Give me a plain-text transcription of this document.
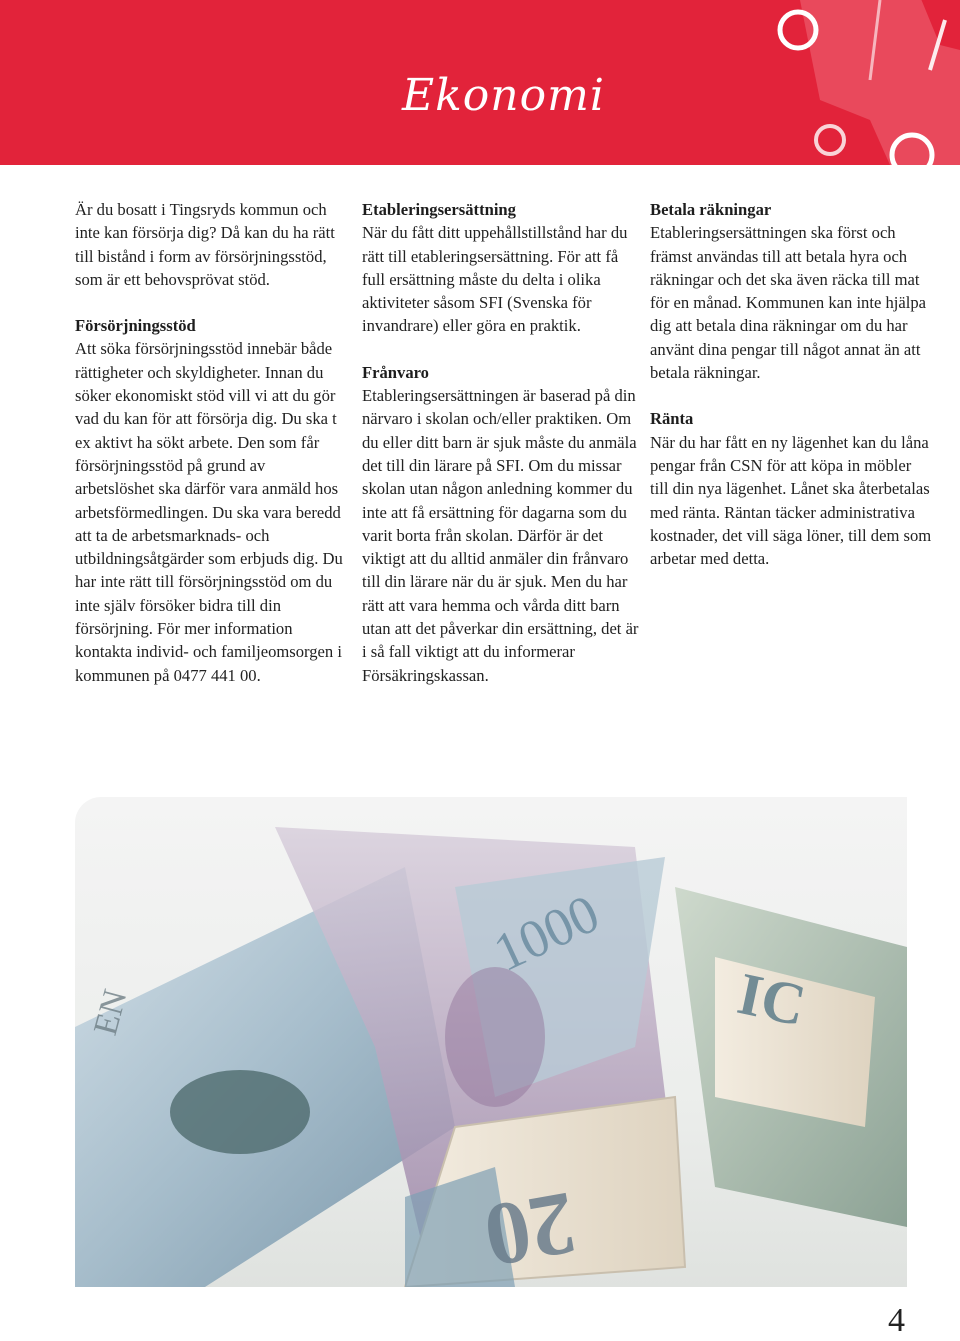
Ekonomi

Är du bosatt i Tingsryds kommun och inte kan försörja dig? Då kan du ha rätt till bistånd i form av försörjningsstöd, som är ett behovsprövat stöd.

Försörjningsstöd

Att söka försörjningsstöd innebär både rättigheter och skyldigheter. Innan du söker ekonomiskt stöd vill vi att du gör vad du kan för att försörja dig. Du ska t ex aktivt ha sökt arbete. Den som får försörjningsstöd på grund av arbetslöshet ska därför vara anmäld hos arbetsförmedlingen. Du ska vara beredd att ta de arbetsmarknads- och utbildningsåtgärder som erbjuds dig. Du har inte rätt till försörjningsstöd om du inte själv försöker bidra till din försörjning. För mer information kontakta individ- och familjeomsorgen i kommunen på 0477 441 00.

Etableringsersättning

När du fått ditt uppehållstillstånd har du rätt till etableringsersättning. För att få full ersättning måste du delta i olika aktiviteter såsom SFI (Svenska för invandrare) eller göra en praktik.

Frånvaro

Etableringsersättningen är baserad på din närvaro i skolan och/eller praktiken. Om du eller ditt barn är sjuk måste du anmäla det till din lärare på SFI. Om du missar skolan utan någon anledning kommer du inte att få ersättning för dagarna som du varit borta från skolan. Därför är det viktigt att du alltid anmäler din frånvaro till din lärare när du är sjuk. Men du har rätt att vara hemma och vårda ditt barn utan att det påverkar din ersättning, det är i så fall viktigt att du informerar Försäkringskassan.

Betala räkningar

Etableringsersättningen ska först och främst användas till att betala hyra och räkningar och det ska även räcka till mat för en månad. Kommunen kan inte hjälpa dig att betala dina räkningar om du har använt dina pengar till något annat än att betala räkningar.

Ränta

När du har fått en ny lägenhet kan du låna pengar från CSN för att köpa in möbler till din nya lägenhet. Lånet ska återbetalas med ränta. Räntan täcker administrativa kostnader, det vill säga löner, till dem som arbetar med detta.

1000
20
IC
EN
4
